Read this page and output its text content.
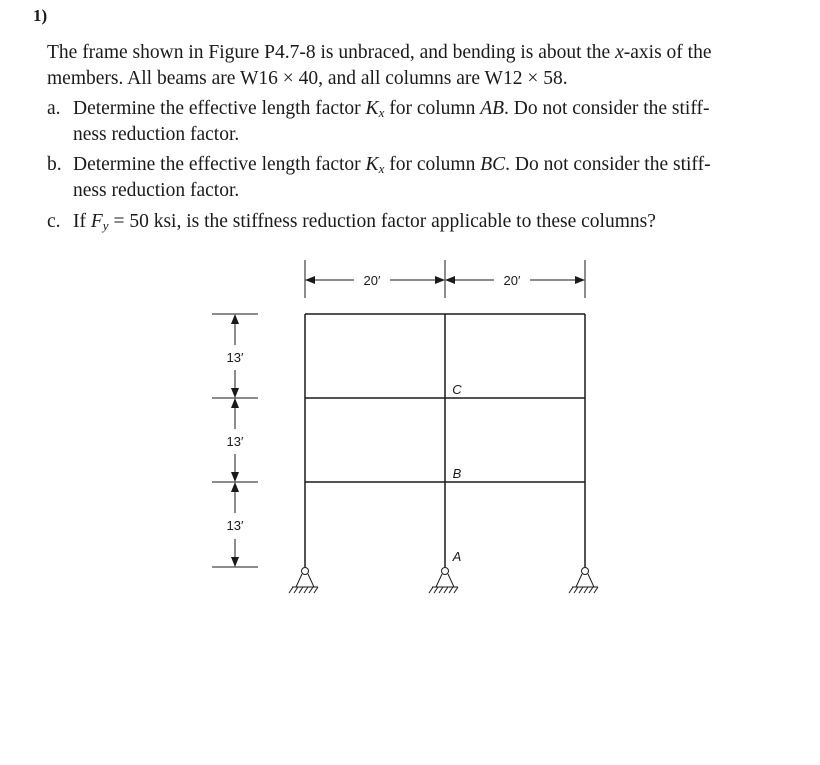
1)
The frame shown in Figure P4.7-8 is unbraced, and bending is about the x-axis of the
members. All beams are W16 × 40, and all columns are W12 × 58.
a. Determine the effective length factor $K_x$ for column AB. Do not consider the stiff-
ness reduction factor.
b. Determine the effective length factor $K_x$ for column BC. Do not consider the stiff-
ness reduction factor.
c. If $F_y = 50$ ksi, is the stiffness reduction factor applicable to these columns?
20′	20′
13′
13′
13′
C
B
A
